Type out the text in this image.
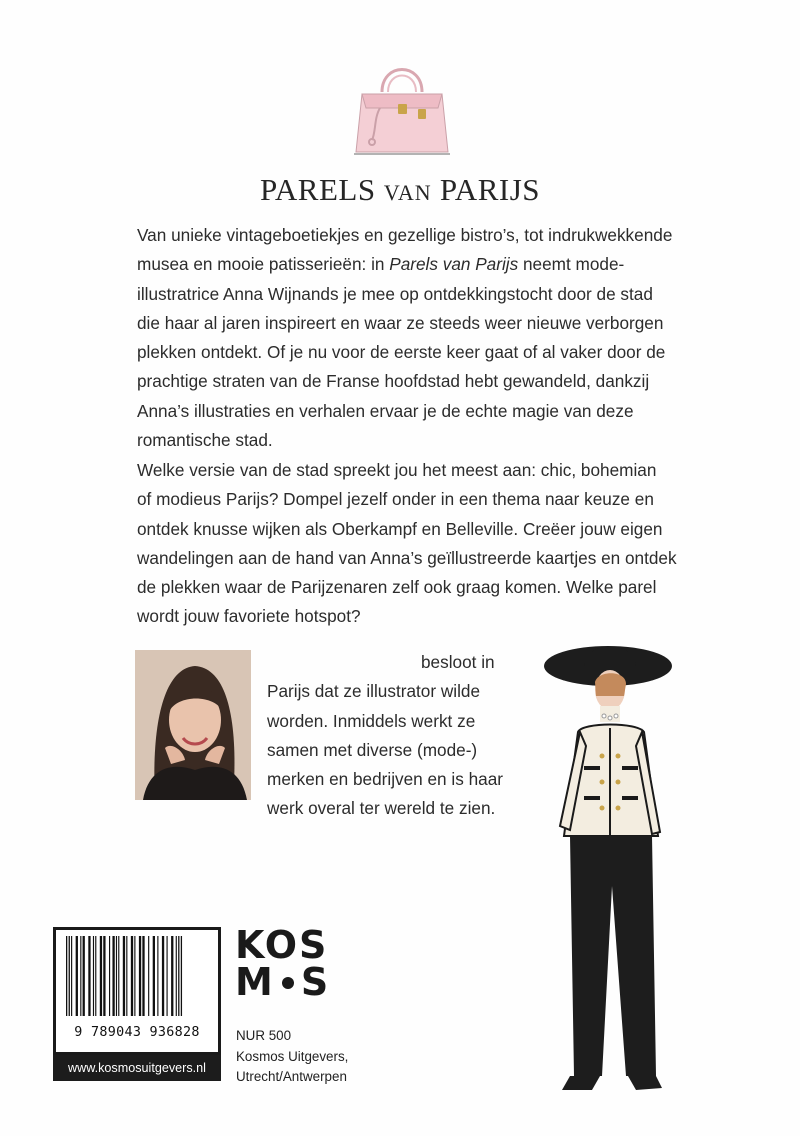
PARELS VAN PARIJS

Van unieke vintageboetiekjes en gezellige bistro’s, tot indrukwekkende
musea en mooie patisserieën: in Parels van Parijs neemt mode-
illustratrice Anna Wijnands je mee op ontdekkingstocht door de stad
die haar al jaren inspireert en waar ze steeds weer nieuwe verborgen
plekken ontdekt. Of je nu voor de eerste keer gaat of al vaker door de
prachtige straten van de Franse hoofdstad hebt gewandeld, dankzij
Anna’s illustraties en verhalen ervaar je de echte magie van deze
romantische stad.

Welke versie van de stad spreekt jou het meest aan: chic, bohemian
of modieus Parijs? Dompel jezelf onder in een thema naar keuze en
ontdek knusse wijken als Oberkampf en Belleville. Creëer jouw eigen
wandelingen aan de hand van Anna’s geïllustreerde kaartjes en ontdek
de plekken waar de Parijzenaren zelf ook graag komen. Welke parel
wordt jouw favoriete hotspot?

besloot in
Parijs dat ze illustrator wilde
worden. Inmiddels werkt ze
samen met diverse (mode-)
merken en bedrijven en is haar
werk overal ter wereld te zien.

9 789043 936828
www.kosmosuitgevers.nl
KOS
M S

NUR 500
Kosmos Uitgevers,
Utrecht/Antwerpen
